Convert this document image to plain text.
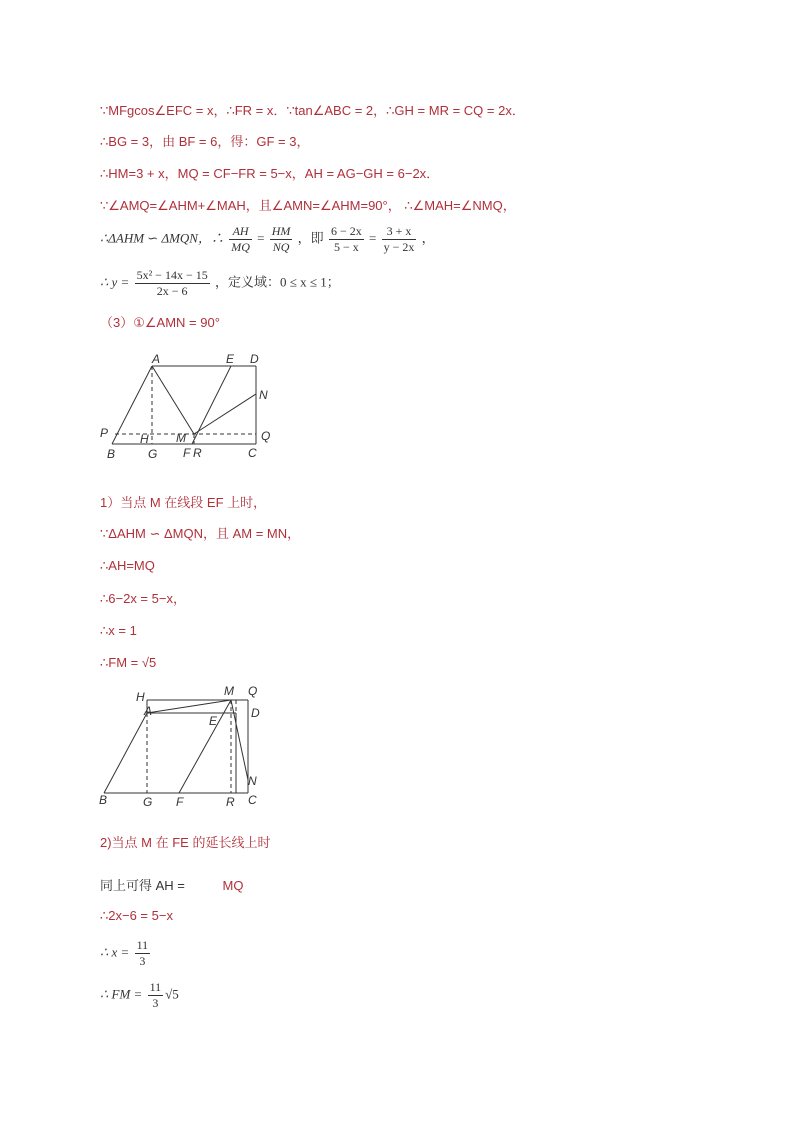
∵MFgcos∠EFC = x，∴FR = x．∵tan∠ABC = 2，∴GH = MR = CQ = 2x．
∴BG = 3，由 BF = 6，得：GF = 3，
∴HM=3 + x，MQ = CF−FR = 5−x，AH = AG−GH = 6−2x．
∵∠AMQ=∠AHM+∠MAH，且∠AMN=∠AHM=90°， ∴∠MAH=∠NMQ，
∴ΔAHM ∽ ΔMQN，∴ $\frac{AH}{MQ} = \frac{HM}{NQ}$ ，即 $\frac{6 - 2x}{5 - x} = \frac{3 + x}{y - 2x}$ ，
∴ $y = \frac{\text{5x² − 14x − 15}}{2x - 6}$ ，定义域：0 ≤ x ≤ 1；
（3）①∠AMN = 90°
A	E D
N
P	H M	Q
B	G F R	C
1）当点 M 在线段 EF 上时，
∵ΔAHM ∽ ΔMQN，且 AM = MN，
∴AH=MQ
∴6−2x = 5−x，
∴x = 1
∴FM = √5
H
A
M Q
E
D
N
B	G F	R C
2)当点 M 在 FE 的延长线上时
同上可得 AH =	MQ
∴2x−6 = 5−x
∴ $x = \frac{11}{3}$
∴ FM = $\frac{11}{3} √5$
